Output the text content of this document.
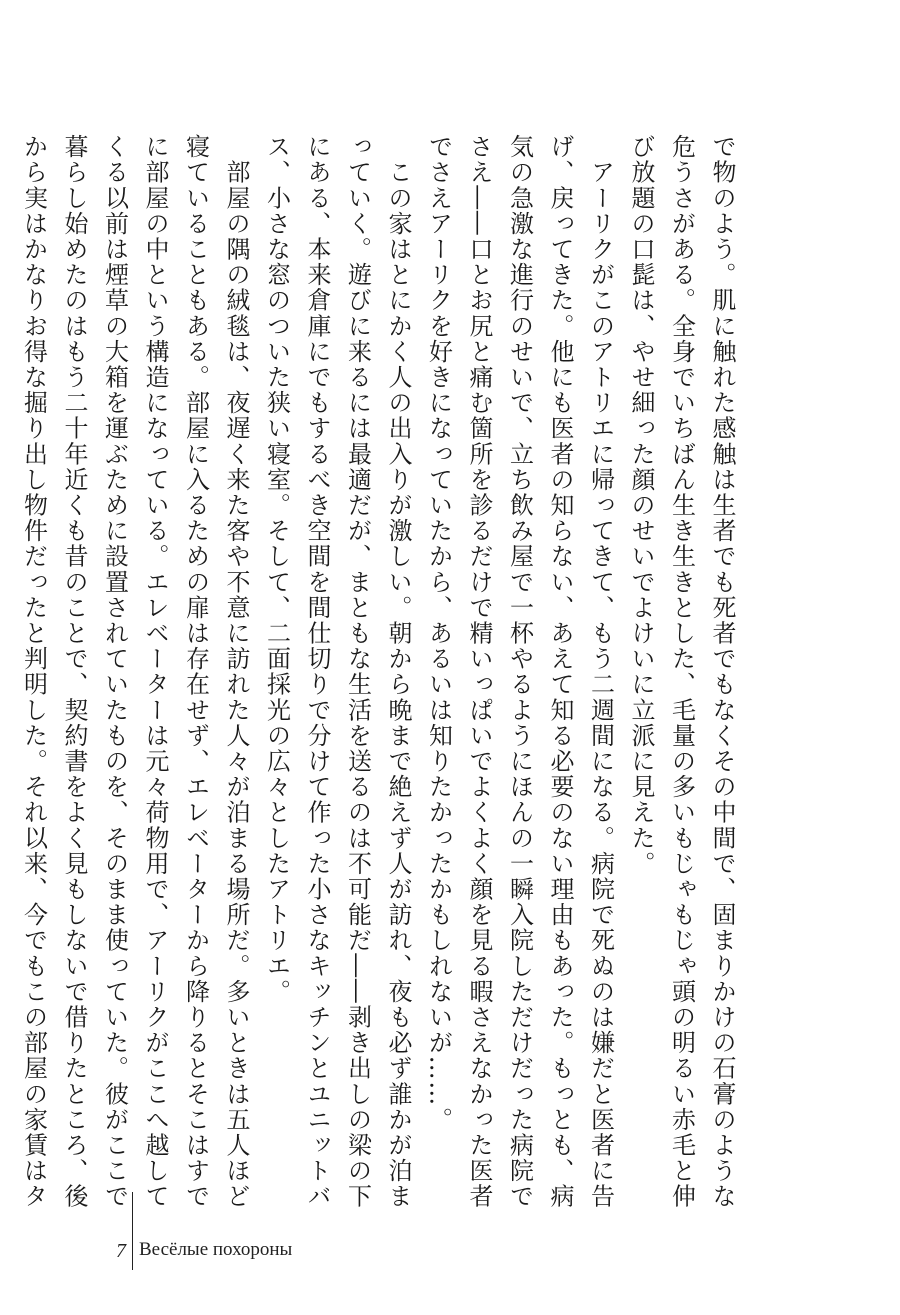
で物のよう。肌に触れた感触は生者でも死者でもなくその中間で、固まりかけの石膏のような
危うさがある。全身でいちばん生き生きとした、毛量の多いもじゃもじゃ頭の明るい赤毛と伸
び放題の口髭は、やせ細った顔のせいでよけいに立派に見えた。
　アーリクがこのアトリエに帰ってきて、もう二週間になる。病院で死ぬのは嫌だと医者に告
げ、戻ってきた。他にも医者の知らない、あえて知る必要のない理由もあった。もっとも、病
気の急激な進行のせいで、立ち飲み屋で一杯やるようにほんの一瞬入院しただけだった病院で
さえ――口とお尻と痛む箇所を診るだけで精いっぱいでよくよく顔を見る暇さえなかった医者
でさえアーリクを好きになっていたから、あるいは知りたかったかもしれないが……。
　この家はとにかく人の出入りが激しい。朝から晩まで絶えず人が訪れ、夜も必ず誰かが泊ま
っていく。遊びに来るには最適だが、まともな生活を送るのは不可能だ――剥き出しの梁の下
にある、本来倉庫にでもするべき空間を間仕切りで分けて作った小さなキッチンとユニットバ
ス、小さな窓のついた狭い寝室。そして、二面採光の広々としたアトリエ。
　部屋の隅の絨毯は、夜遅く来た客や不意に訪れた人々が泊まる場所だ。多いときは五人ほど
寝ていることもある。部屋に入るための扉は存在せず、エレベーターから降りるとそこはすで
に部屋の中という構造になっている。エレベーターは元々荷物用で、アーリクがここへ越して
くる以前は煙草の大箱を運ぶために設置されていたものを、そのまま使っていた。彼がここで
暮らし始めたのはもう二十年近くも昔のことで、契約書をよく見もしないで借りたところ、後
から実はかなりお得な掘り出し物件だったと判明した。それ以来、今でもこの部屋の家賃はタ
7 Весёлые похороны
